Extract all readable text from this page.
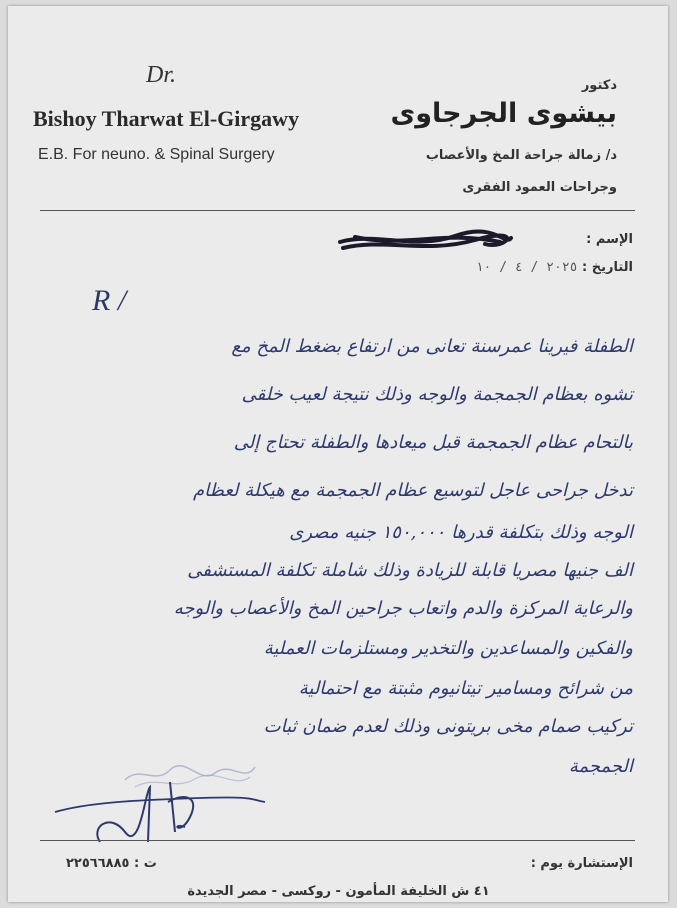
Dr.
Bishoy Tharwat El-Girgawy
E.B. For neuno. & Spinal Surgery
دكتور
بيشوى الجرجاوى
د/ زمالة جراحة المخ والأعصاب
وجراحات العمود الفقرى
الإسم :
التاريخ : ٢٠٢٥ / ٤ / ١٠
R /
الطفلة فيرينا عمرسنة تعانى من ارتفاع بضغط المخ مع
تشوه بعظام الجمجمة والوجه وذلك نتيجة لعيب خلقى
بالتحام عظام الجمجمة قبل ميعادها والطفلة تحتاج إلى
تدخل جراحى عاجل لتوسيع عظام الجمجمة مع هيكلة لعظام
الوجه وذلك بتكلفة قدرها ١٥٠,٠٠٠ جنيه مصرى
الف جنيها مصريا قابلة للزيادة وذلك شاملة تكلفة المستشفى
والرعاية المركزة والدم واتعاب جراحين المخ والأعصاب والوجه
والفكين والمساعدين والتخدير ومستلزمات العملية
من شرائح ومسامير تيتانيوم مثبتة مع احتمالية
تركيب صمام مخى بريتونى وذلك لعدم ضمان ثبات
الجمجمة
الإستشارة يوم :
ت : ٢٢٥٦٦٨٨٥
٤١ ش الخليفة المأمون - روكسى - مصر الجديدة
